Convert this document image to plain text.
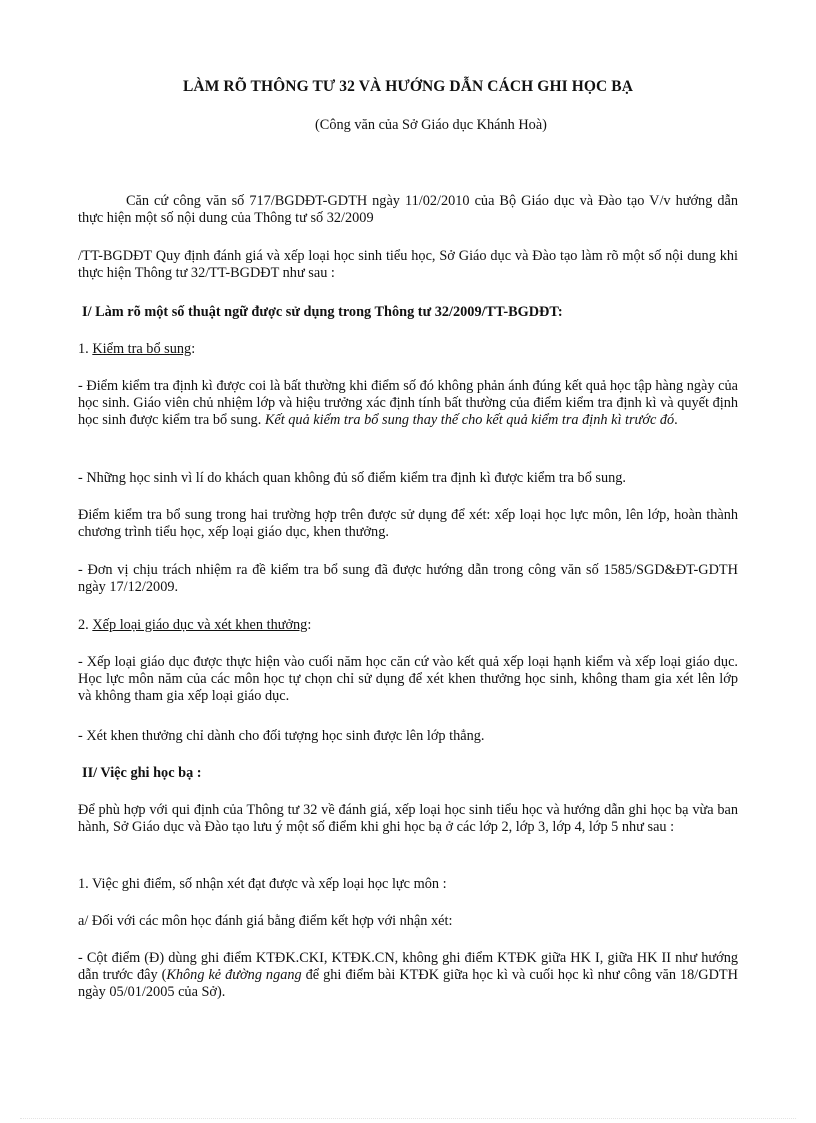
LÀM RÕ THÔNG TƯ 32 VÀ HƯỚNG DẪN CÁCH GHI HỌC BẠ
(Công văn của Sở Giáo dục Khánh Hoà)

Căn cứ công văn số 717/BGDĐT-GDTH ngày 11/02/2010 của Bộ Giáo dục và Đào tạo V/v hướng dẫn thực hiện một số nội dung của Thông tư số 32/2009

/TT-BGDĐT Quy định đánh giá và xếp loại học sinh tiểu học, Sở Giáo dục và Đào tạo làm rõ một số nội dung khi thực hiện Thông tư 32/TT-BGDĐT như sau :

I/ Làm rõ một số thuật ngữ được sử dụng trong Thông tư 32/2009/TT-BGDĐT:

1. Kiểm tra bổ sung:

- Điểm kiểm tra định kì được coi là bất thường khi điểm số đó không phản ánh đúng kết quả học tập hàng ngày của học sinh. Giáo viên chủ nhiệm lớp và hiệu trưởng xác định tính bất thường của điểm kiểm tra định kì và quyết định học sinh được kiểm tra bổ sung. Kết quả kiểm tra bổ sung thay thế cho kết quả kiểm tra định kì trước đó.

- Những học sinh vì lí do khách quan không đủ số điểm kiểm tra định kì được kiểm tra bổ sung.

Điểm kiểm tra bổ sung trong hai trường hợp trên được sử dụng để xét: xếp loại học lực môn, lên lớp, hoàn thành chương trình tiểu học, xếp loại giáo dục, khen thưởng.

- Đơn vị chịu trách nhiệm ra đề kiểm tra bổ sung đã được hướng dẫn trong công văn số 1585/SGD&ĐT-GDTH ngày 17/12/2009.

2. Xếp loại giáo dục và xét khen thưởng:

- Xếp loại giáo dục được thực hiện vào cuối năm học căn cứ vào kết quả xếp loại hạnh kiểm và xếp loại giáo dục. Học lực môn năm của các môn học tự chọn chỉ sử dụng để xét khen thưởng học sinh, không tham gia xét lên lớp và không tham gia xếp loại giáo dục.

- Xét khen thưởng chỉ dành cho đối tượng học sinh được lên lớp thẳng.

II/ Việc ghi học bạ :

Để phù hợp với qui định của Thông tư 32 về đánh giá, xếp loại học sinh tiểu học và hướng dẫn ghi học bạ vừa ban hành, Sở Giáo dục và Đào tạo lưu ý một số điểm khi ghi học bạ ở các lớp 2, lớp 3, lớp 4, lớp 5 như sau :

1. Việc ghi điểm, số nhận xét đạt được và xếp loại học lực môn :

a/ Đối với các môn học đánh giá bằng điểm kết hợp với nhận xét:

- Cột điểm (Đ) dùng ghi điểm KTĐK.CKI, KTĐK.CN, không ghi điểm KTĐK giữa HK I, giữa HK II như hướng dẫn trước đây (Không kẻ đường ngang để ghi điểm bài KTĐK giữa học kì và cuối học kì như công văn 18/GDTH ngày 05/01/2005 của Sở).
